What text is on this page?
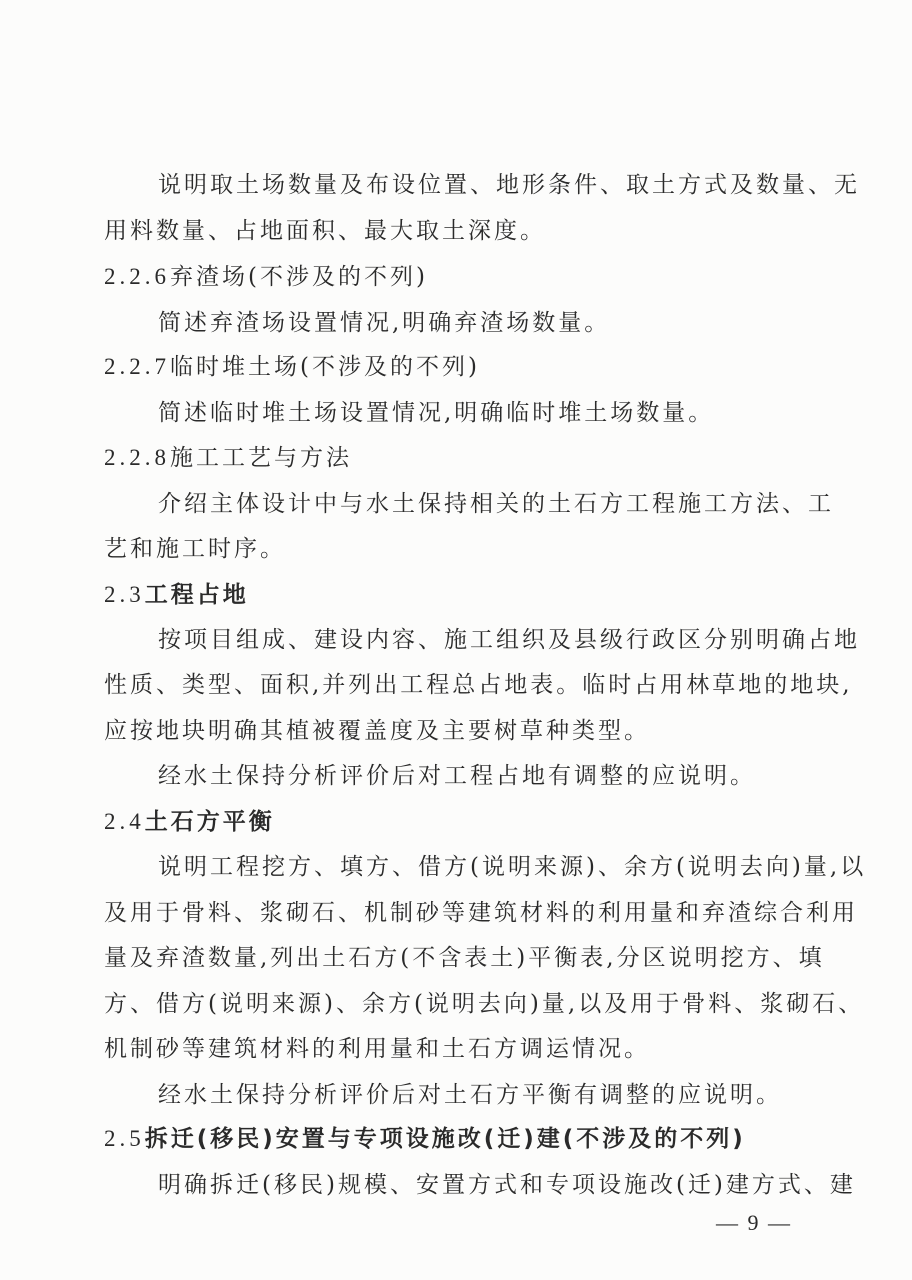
说明取土场数量及布设位置、地形条件、取土方式及数量、无
用料数量、占地面积、最大取土深度。
2.2.6弃渣场(不涉及的不列)
简述弃渣场设置情况,明确弃渣场数量。
2.2.7临时堆土场(不涉及的不列)
简述临时堆土场设置情况,明确临时堆土场数量。
2.2.8施工工艺与方法
介绍主体设计中与水土保持相关的土石方工程施工方法、工
艺和施工时序。
2.3工程占地
按项目组成、建设内容、施工组织及县级行政区分别明确占地
性质、类型、面积,并列出工程总占地表。临时占用林草地的地块,
应按地块明确其植被覆盖度及主要树草种类型。
经水土保持分析评价后对工程占地有调整的应说明。
2.4土石方平衡
说明工程挖方、填方、借方(说明来源)、余方(说明去向)量,以
及用于骨料、浆砌石、机制砂等建筑材料的利用量和弃渣综合利用
量及弃渣数量,列出土石方(不含表土)平衡表,分区说明挖方、填
方、借方(说明来源)、余方(说明去向)量,以及用于骨料、浆砌石、
机制砂等建筑材料的利用量和土石方调运情况。
经水土保持分析评价后对土石方平衡有调整的应说明。
2.5拆迁(移民)安置与专项设施改(迁)建(不涉及的不列)
明确拆迁(移民)规模、安置方式和专项设施改(迁)建方式、建
— 9 —
